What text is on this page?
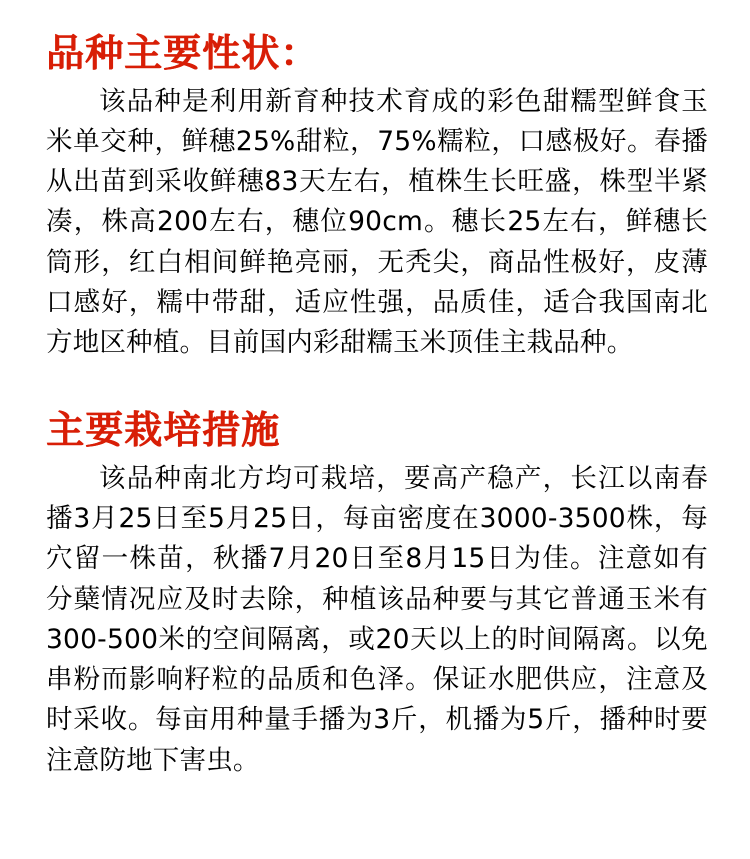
品种主要性状：

该品种是利用新育种技术育成的彩色甜糯型鲜食玉米单交种，鲜穗25%甜粒，75%糯粒，口感极好。春播从出苗到采收鲜穗83天左右，植株生长旺盛，株型半紧凑，株高200左右，穗位90cm。穗长25左右，鲜穗长筒形，红白相间鲜艳亮丽，无秃尖，商品性极好，皮薄口感好，糯中带甜，适应性强，品质佳，适合我国南北方地区种植。目前国内彩甜糯玉米顶佳主栽品种。

主要栽培措施

该品种南北方均可栽培，要高产稳产，长江以南春播3月25日至5月25日，每亩密度在3000-3500株，每穴留一株苗，秋播7月20日至8月15日为佳。注意如有分蘖情况应及时去除，种植该品种要与其它普通玉米有300-500米的空间隔离，或20天以上的时间隔离。以免串粉而影响籽粒的品质和色泽。保证水肥供应，注意及时采收。每亩用种量手播为3斤，机播为5斤，播种时要注意防地下害虫。
